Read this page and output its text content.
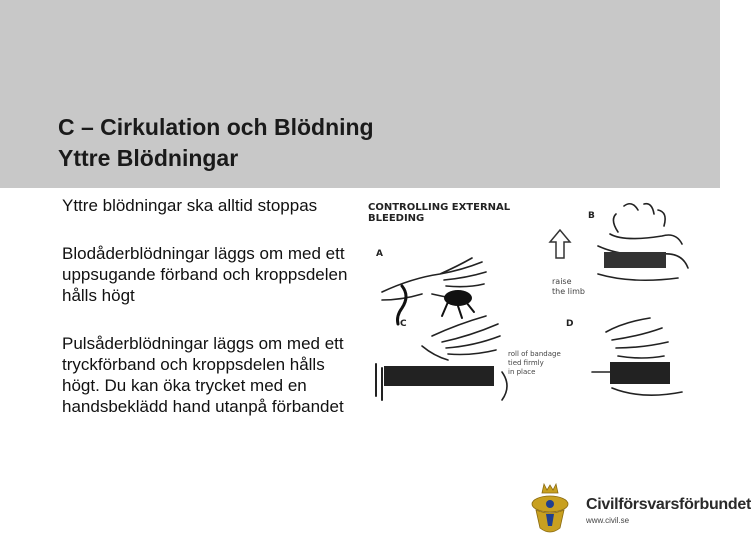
C – Cirkulation och Blödning
Yttre Blödningar

Yttre blödningar ska alltid stoppas

Blodåderblödningar läggs om med ett uppsugande förband och kroppsdelen hålls högt

Pulsåderblödningar läggs om med ett tryckförband och kroppsdelen hålls högt. Du kan öka trycket med en handsbeklädd hand utanpå förbandet

CONTROLLING EXTERNAL
BLEEDING
A
B
C	D
raise
the limb
roll of bandage
tied firmly
in place
Civilförsvarsförbundet
www.civil.se
